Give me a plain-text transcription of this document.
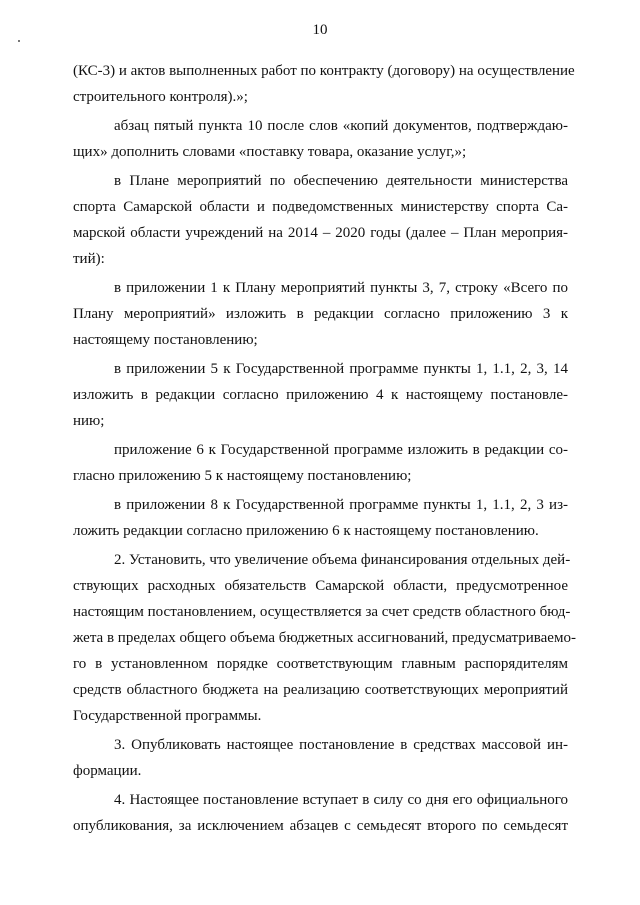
10
(КС-3) и актов выполненных работ по контракту (договору) на осуществление
строительного контроля).»;
абзац пятый пункта 10 после слов «копий документов, подтверждаю-
щих» дополнить словами «поставку товара, оказание услуг,»;
в Плане мероприятий по обеспечению деятельности министерства
спорта Самарской области и подведомственных министерству спорта Са-
марской области учреждений на 2014 – 2020 годы (далее – План мероприя-
тий):
в приложении 1 к Плану мероприятий пункты 3, 7, строку «Всего по
Плану мероприятий» изложить в редакции согласно приложению 3 к
настоящему постановлению;
в приложении 5 к Государственной программе пункты 1, 1.1, 2, 3, 14
изложить в редакции согласно приложению 4 к настоящему постановле-
нию;
приложение 6 к Государственной программе изложить в редакции со-
гласно приложению 5 к настоящему постановлению;
в приложении 8 к Государственной программе пункты 1, 1.1, 2, 3 из-
ложить редакции согласно приложению 6 к настоящему постановлению.
2. Установить, что увеличение объема финансирования отдельных дей-
ствующих расходных обязательств Самарской области, предусмотренное
настоящим постановлением, осуществляется за счет средств областного бюд-
жета в пределах общего объема бюджетных ассигнований, предусматриваемо-
го в установленном порядке соответствующим главным распорядителям
средств областного бюджета на реализацию соответствующих мероприятий
Государственной программы.
3. Опубликовать настоящее постановление в средствах массовой ин-
формации.
4. Настоящее постановление вступает в силу со дня его официального
опубликования, за исключением абзацев с семьдесят второго по семьдесят
